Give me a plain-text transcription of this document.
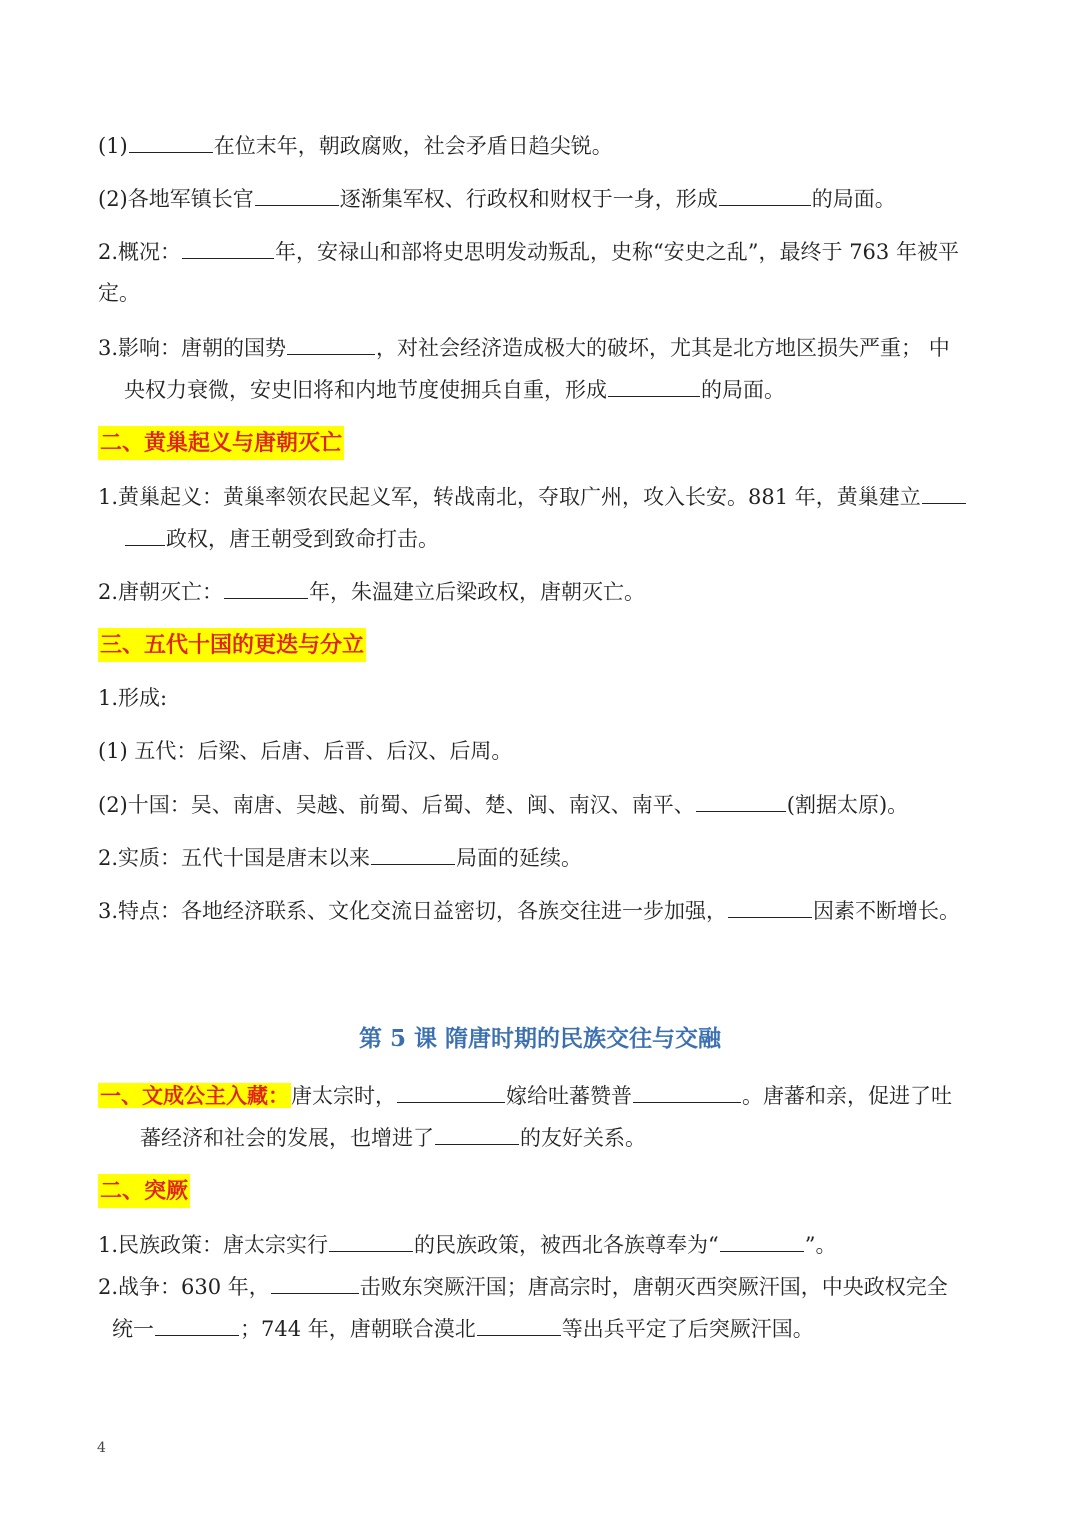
(1)	在位末年，朝政腐败，社会矛盾日趋尖锐。
(2)各地军镇长官	逐渐集军权、行政权和财权于一身，形成	的局面。
2.概况：	年，安禄山和部将史思明发动叛乱，史称“安史之乱”，最终于 763 年被平
定。
3.影响：唐朝的国势	，对社会经济造成极大的破坏，尤其是北方地区损失严重； 中
央权力衰微，安史旧将和内地节度使拥兵自重，形成	的局面。
二、黄巢起义与唐朝灭亡
1.黄巢起义：黄巢率领农民起义军，转战南北，夺取广州，攻入长安。881 年，黄巢建立
政权，唐王朝受到致命打击。
2.唐朝灭亡：	年，朱温建立后梁政权，唐朝灭亡。
三、五代十国的更迭与分立
1.形成:
(1) 五代：后梁、后唐、后晋、后汉、后周。
(2)十国：吴、南唐、吴越、前蜀、后蜀、楚、闽、南汉、南平、	(割据太原)。
2.实质：五代十国是唐末以来	局面的延续。
3.特点：各地经济联系、文化交流日益密切，各族交往进一步加强，	因素不断增长。
第 5 课 隋唐时期的民族交往与交融
一、文成公主入藏：唐太宗时，	嫁给吐蕃赞普	。唐蕃和亲，促进了吐
蕃经济和社会的发展，也增进了	的友好关系。
二、突厥
1.民族政策：唐太宗实行	的民族政策，被西北各族尊奉为“	”。
2.战争：630 年，	击败东突厥汗国；唐高宗时，唐朝灭西突厥汗国，中央政权完全
统一	；744 年，唐朝联合漠北	等出兵平定了后突厥汗国。
4
